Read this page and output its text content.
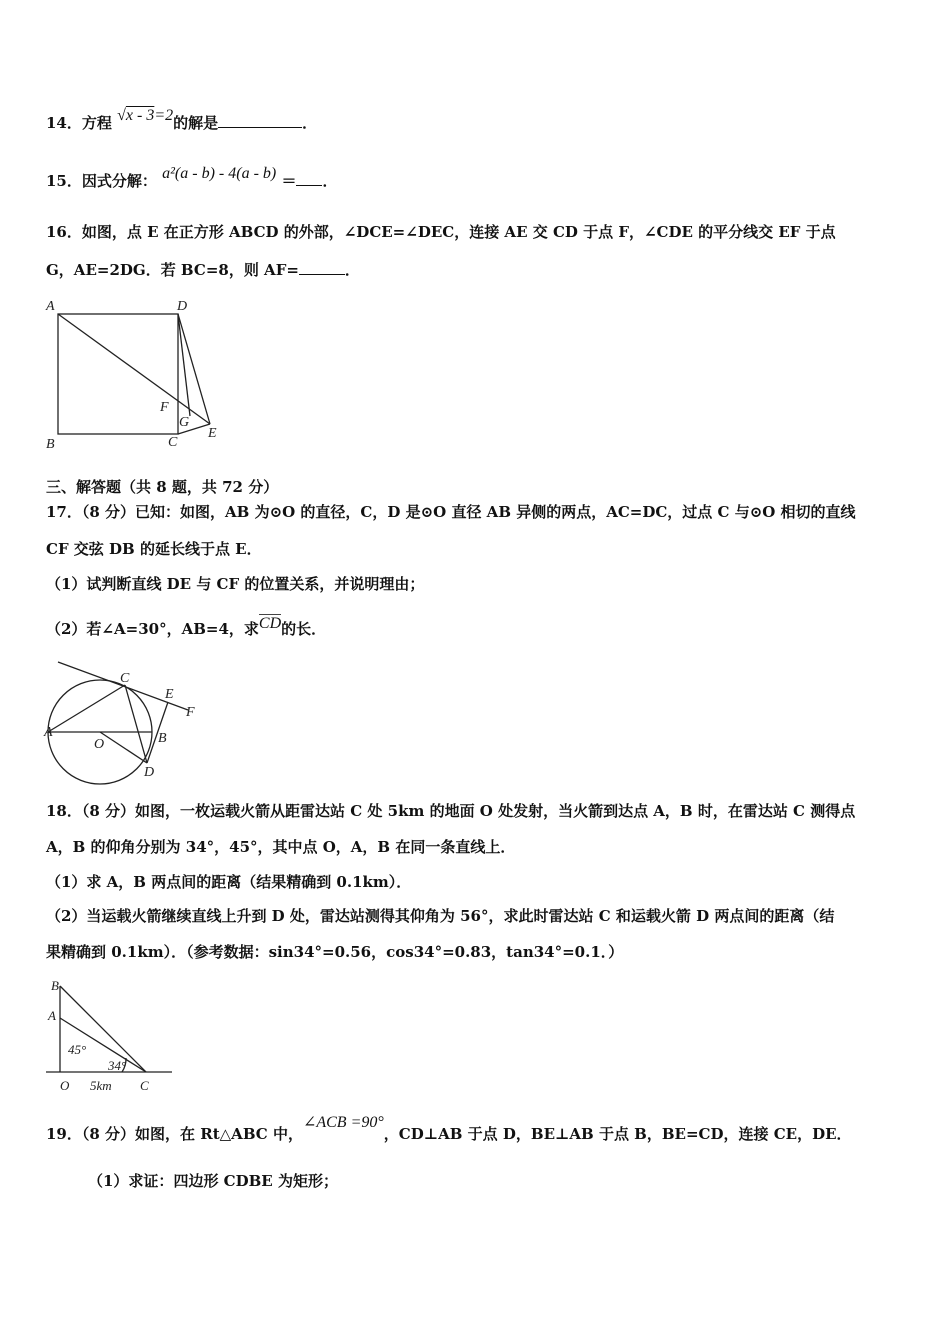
14．方程 √x - 3=2的解是	．
15．因式分解： a²(a - b) - 4(a - b) ＝ ．
16．如图，点 E 在正方形 ABCD 的外部，∠DCE=∠DEC，连接 AE 交 CD 于点 F，∠CDE 的平分线交 EF 于点
G，AE=2DG．若 BC=8，则 AF=	．
A	D
B	C
F
G
E
三、解答题（共 8 题，共 72 分）
17．（8 分）已知：如图，AB 为⊙O 的直径，C，D 是⊙O 直径 AB 异侧的两点，AC=DC，过点 C 与⊙O 相切的直线
CF 交弦 DB 的延长线于点 E．
（1）试判断直线 DE 与 CF 的位置关系，并说明理由；
（2）若∠A=30°，AB=4，求CD的长．
C
E
F
A
O	B
D
18．（8 分）如图，一枚运载火箭从距雷达站 C 处 5km 的地面 O 处发射，当火箭到达点 A，B 时，在雷达站 C 测得点
A，B 的仰角分别为 34°，45°，其中点 O，A，B 在同一条直线上．
（1）求 A，B 两点间的距离（结果精确到 0.1km）．
（2）当运载火箭继续直线上升到 D 处，雷达站测得其仰角为 56°，求此时雷达站 C 和运载火箭 D 两点间的距离（结
果精确到 0.1km）．（参考数据：sin34°=0.56，cos34°=0.83，tan34°=0.1．）
B
A
45°
34°
O 5km C
19．（8 分）如图，在 Rt△ABC 中，∠ACB =90°，CD⊥AB 于点 D，BE⊥AB 于点 B，BE=CD，连接 CE，DE．
（1）求证：四边形 CDBE 为矩形；
